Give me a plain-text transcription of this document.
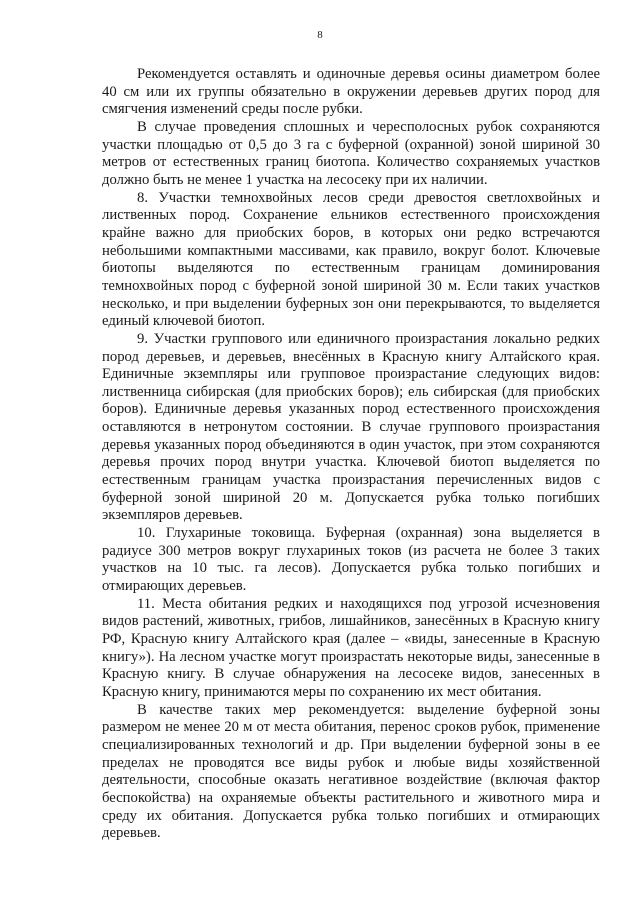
8

Рекомендуется оставлять и одиночные деревья осины диаметром более 40 см или их группы обязательно в окружении деревьев других пород для смягчения изменений среды после рубки.

В случае проведения сплошных и чересполосных рубок сохраняются участки площадью от 0,5 до 3 га с буферной (охранной) зоной шириной 30 метров от естественных границ биотопа. Количество сохраняемых участков должно быть не менее 1 участка на лесосеку при их наличии.

8. Участки темнохвойных лесов среди древостоя светлохвойных и лиственных пород. Сохранение ельников естественного происхождения крайне важно для приобских боров, в которых они редко встречаются небольшими компактными массивами, как правило, вокруг болот. Ключевые биотопы выделяются по естественным границам доминирования темнохвойных пород с буферной зоной шириной 30 м. Если таких участков несколько, и при выделении буферных зон они перекрываются, то выделяется единый ключевой биотоп.

9. Участки группового или единичного произрастания локально редких пород деревьев, и деревьев, внесённых в Красную книгу Алтайского края. Единичные экземпляры или групповое произрастание следующих видов: лиственница сибирская (для приобских боров); ель сибирская (для приобских боров). Единичные деревья указанных пород естественного происхождения оставляются в нетронутом состоянии. В случае группового произрастания деревья указанных пород объединяются в один участок, при этом сохраняются деревья прочих пород внутри участка. Ключевой биотоп выделяется по естественным границам участка произрастания перечисленных видов с буферной зоной шириной 20 м. Допускается рубка только погибших экземпляров деревьев.

10. Глухариные токовища. Буферная (охранная) зона выделяется в радиусе 300 метров вокруг глухариных токов (из расчета не более 3 таких участков на 10 тыс. га лесов). Допускается рубка только погибших и отмирающих деревьев.

11. Места обитания редких и находящихся под угрозой исчезновения видов растений, животных, грибов, лишайников, занесённых в Красную книгу РФ, Красную книгу Алтайского края (далее – «виды, занесенные в Красную книгу»). На лесном участке могут произрастать некоторые виды, занесенные в Красную книгу. В случае обнаружения на лесосеке видов, занесенных в Красную книгу, принимаются меры по сохранению их мест обитания.

В качестве таких мер рекомендуется: выделение буферной зоны размером не менее 20 м от места обитания, перенос сроков рубок, применение специализированных технологий и др. При выделении буферной зоны в ее пределах не проводятся все виды рубок и любые виды хозяйственной деятельности, способные оказать негативное воздействие (включая фактор беспокойства) на охраняемые объекты растительного и животного мира и среду их обитания. Допускается рубка только погибших и отмирающих деревьев.
